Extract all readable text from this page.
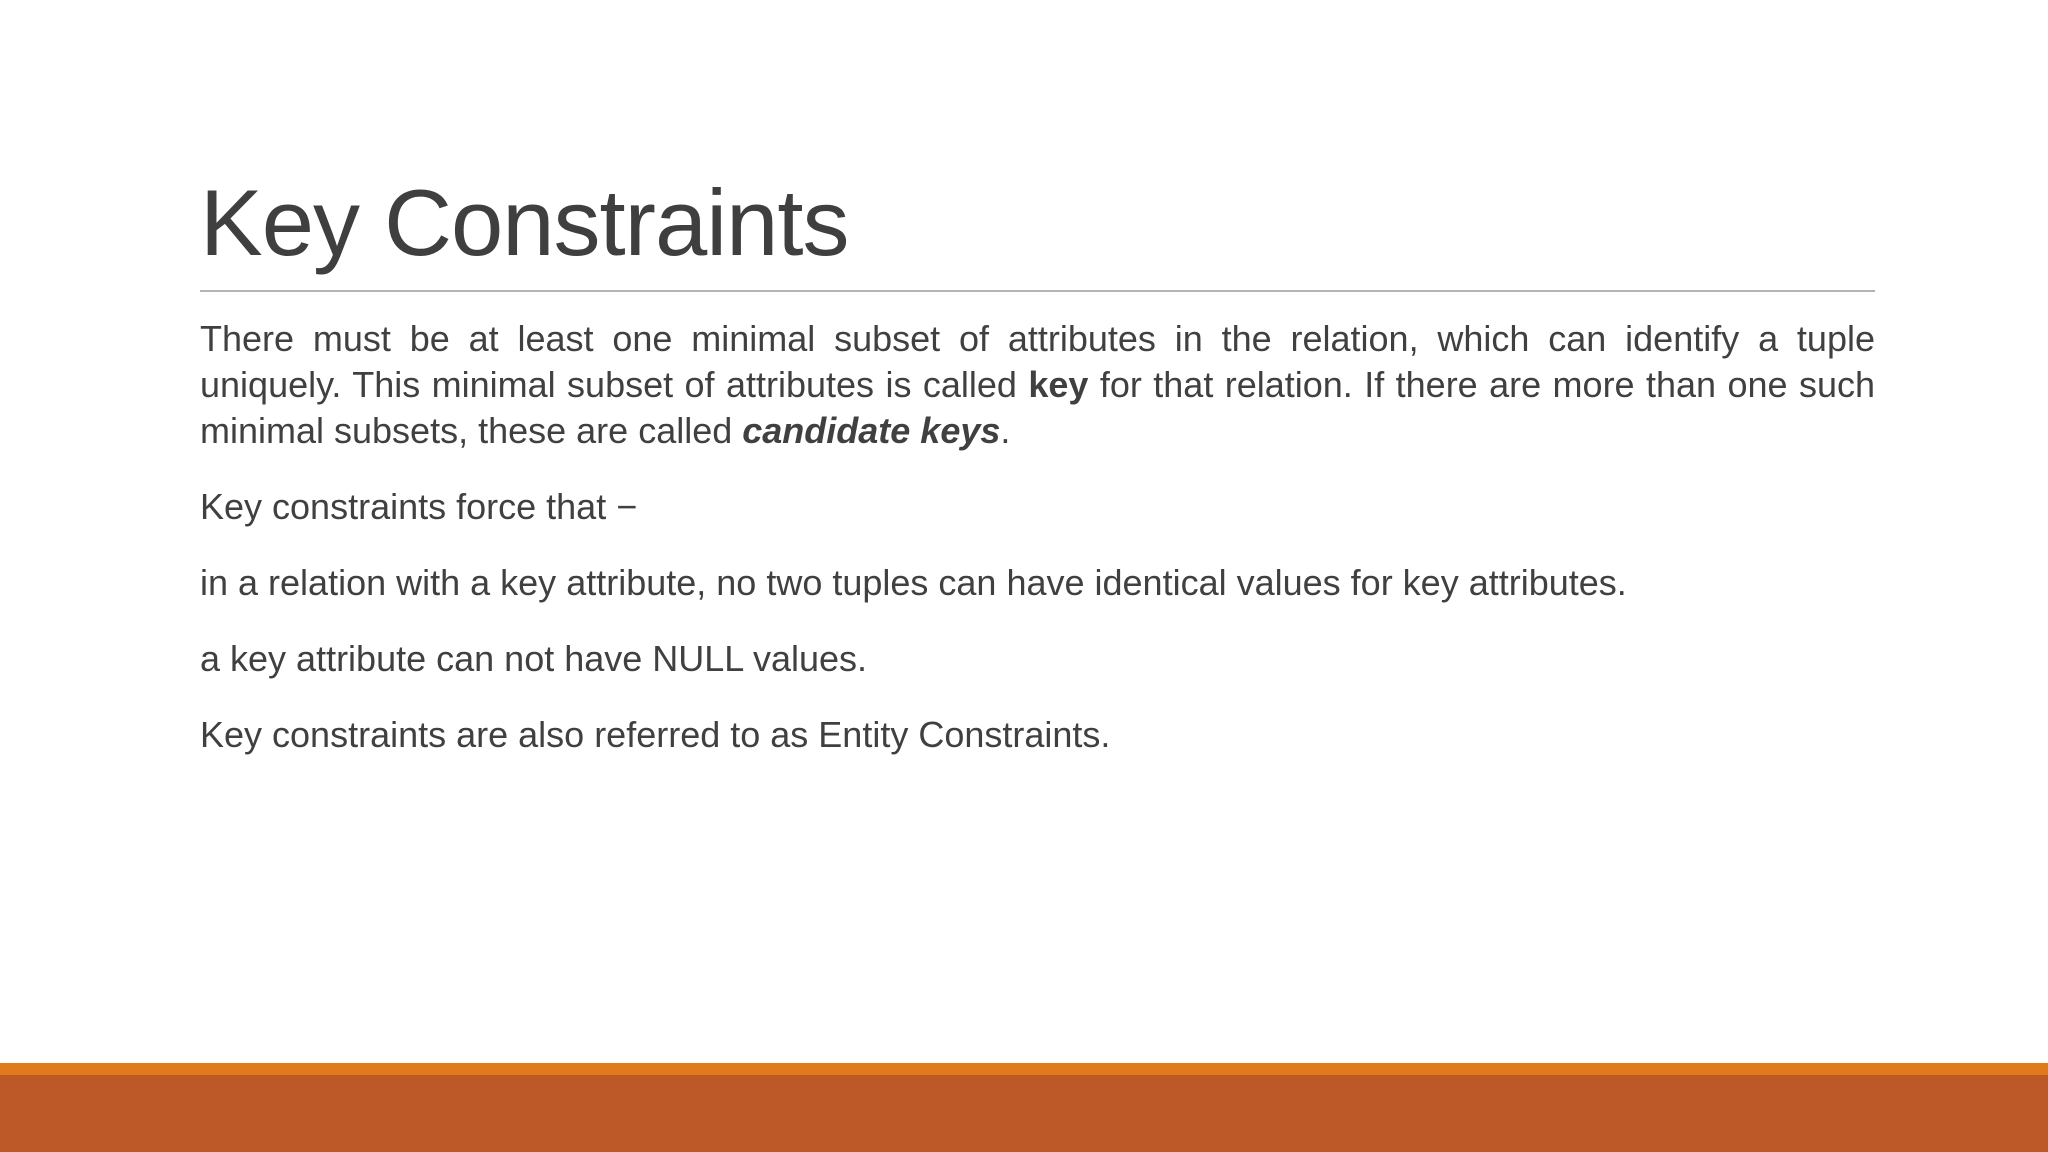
Key Constraints

There must be at least one minimal subset of attributes in the relation, which can identify a tuple uniquely. This minimal subset of attributes is called key for that relation. If there are more than one such minimal subsets, these are called candidate keys.

Key constraints force that −

in a relation with a key attribute, no two tuples can have identical values for key attributes.

a key attribute can not have NULL values.

Key constraints are also referred to as Entity Constraints.
